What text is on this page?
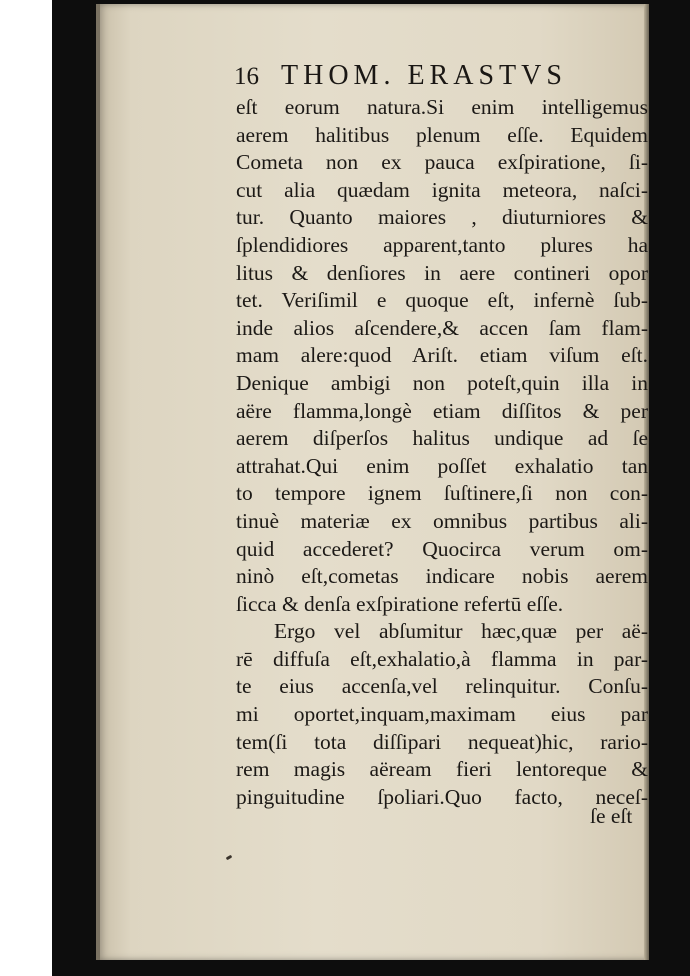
16 THOM. ERASTVS
eſt eorum natura.Si enim intelligemus
aerem halitibus plenum eſſe. Equidem
Cometa non ex pauca exſpiratione, ſi-
cut alia quædam ignita meteora, naſci-
tur. Quanto maiores , diuturniores &
ſplendidiores apparent,tanto plures ha
litus & denſiores in aere contineri opor
tet. Veriſimil e quoque eſt, infernè ſub-
inde alios aſcendere,& accen ſam flam-
mam alere:quod Ariſt. etiam viſum eſt.
Denique ambigi non poteſt,quin illa in
aëre flamma,longè etiam diſſitos & per
aerem diſperſos halitus undique ad ſe
attrahat.Qui enim poſſet exhalatio tan
to tempore ignem ſuſtinere,ſi non con-
tinuè materiæ ex omnibus partibus ali-
quid accederet? Quocirca verum om-
ninò eſt,cometas indicare nobis aerem
ſicca & denſa exſpiratione refertū eſſe.
Ergo vel abſumitur hæc,quæ per aë-
rē diffuſa eſt,exhalatio,à flamma in par-
te eius accenſa,vel relinquitur. Conſu-
mi oportet,inquam,maximam eius par
tem(ſi tota diſſipari nequeat)hic, rario-
rem magis aëream fieri lentoreque &
pinguitudine ſpoliari.Quo facto, neceſ-
ſe eſt
